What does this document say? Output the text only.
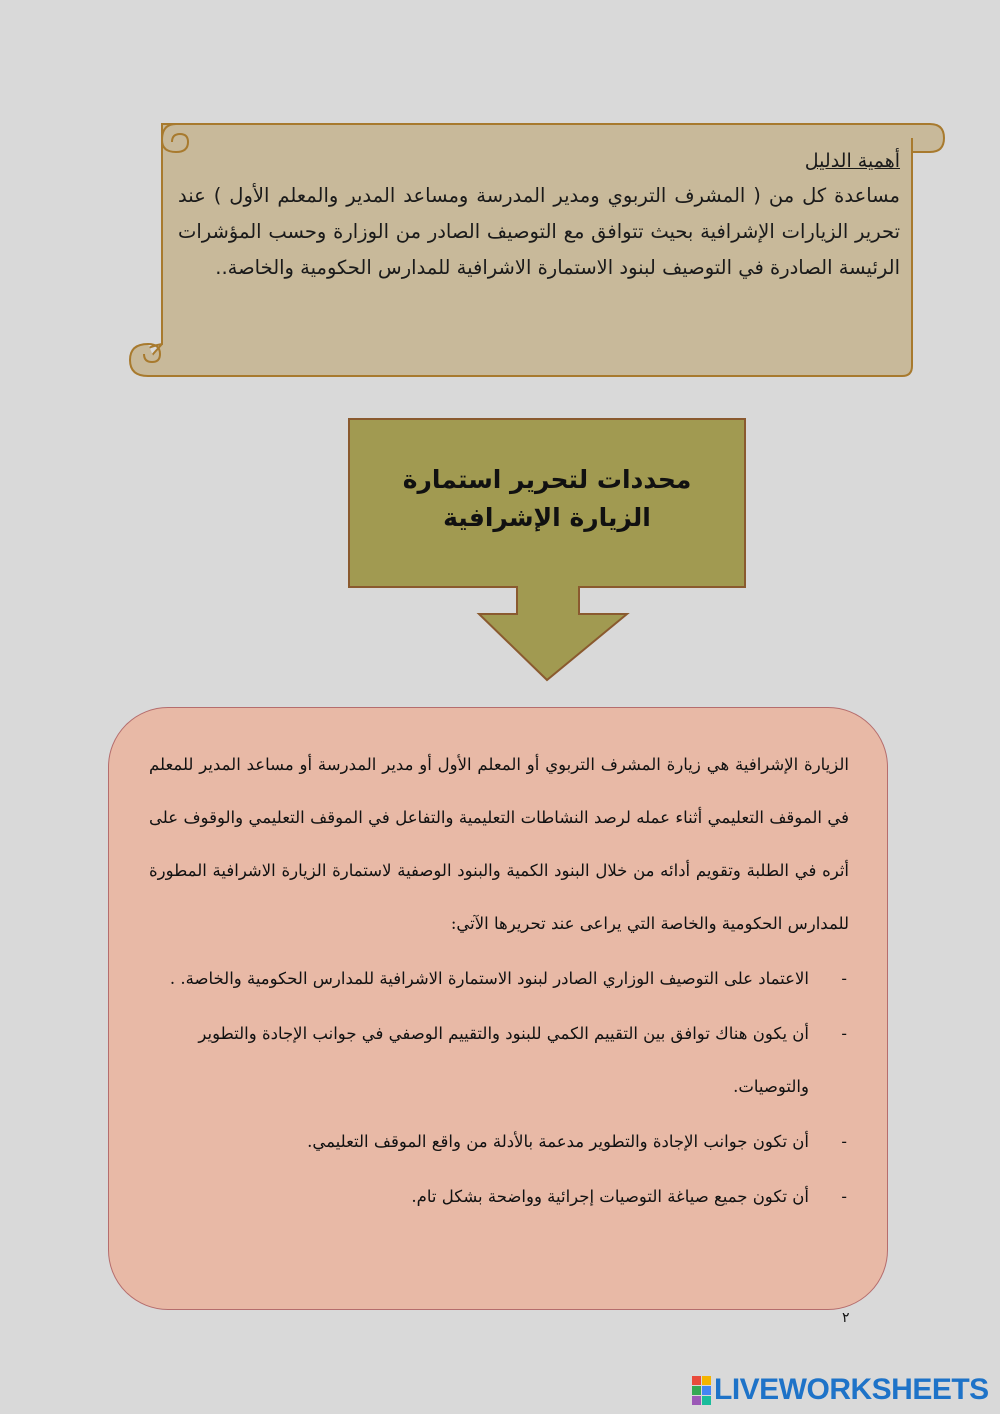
أهمية الدليل
مساعدة كل من ( المشرف التربوي ومدير المدرسة ومساعد المدير والمعلم الأول ) عند تحرير الزيارات الإشرافية بحيث تتوافق مع التوصيف الصادر من الوزارة وحسب المؤشرات الرئيسة الصادرة في التوصيف لبنود الاستمارة الاشرافية للمدارس الحكومية والخاصة..
محددات لتحرير استمارة الزيارة الإشرافية

الزيارة الإشرافية هي زيارة المشرف التربوي أو المعلم الأول أو مدير المدرسة أو مساعد المدير للمعلم في الموقف التعليمي أثناء عمله لرصد النشاطات التعليمية والتفاعل في الموقف التعليمي والوقوف على أثره في الطلبة وتقويم أدائه من خلال البنود الكمية والبنود الوصفية لاستمارة الزيارة الاشرافية المطورة للمدارس الحكومية والخاصة التي يراعى عند تحريرها الآتي:

-
الاعتماد على التوصيف الوزاري الصادر لبنود الاستمارة الاشرافية للمدارس الحكومية والخاصة. .
-
أن يكون هناك توافق بين التقييم الكمي للبنود والتقييم الوصفي في جوانب الإجادة والتطوير والتوصيات.
-
أن تكون جوانب الإجادة والتطوير مدعمة بالأدلة من واقع الموقف التعليمي.
-
أن تكون جميع صياغة التوصيات إجرائية وواضحة بشكل تام.
٢
LIVEWORKSHEETS
